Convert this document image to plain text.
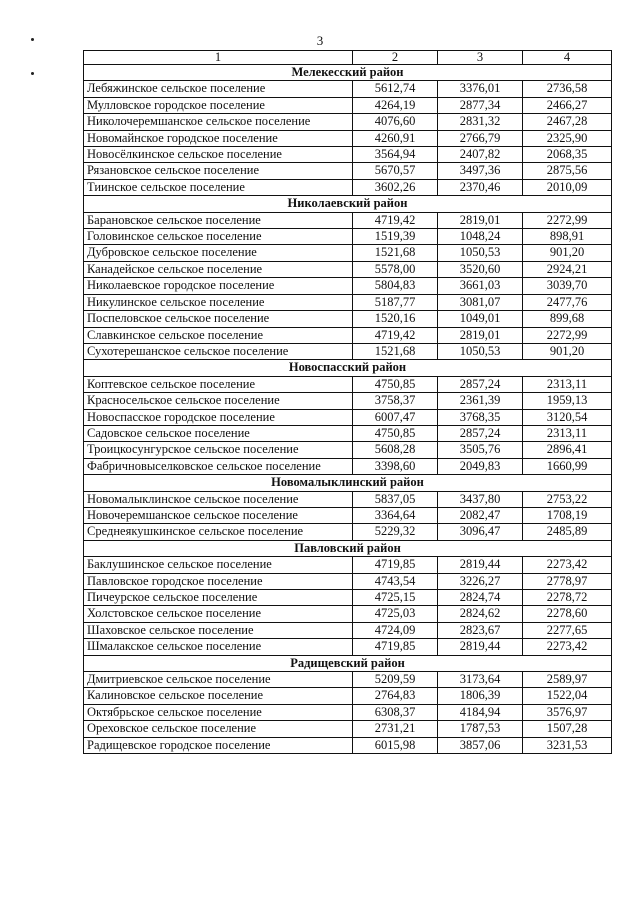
3
1	2	3	4
Мелекесский район			
Лебяжинское сельское поселение	5612,74	3376,01	2736,58
Мулловское городское поселение	4264,19	2877,34	2466,27
Николочеремшанское сельское поселение	4076,60	2831,32	2467,28
Новомайнское городское поселение	4260,91	2766,79	2325,90
Новосёлкинское сельское поселение	3564,94	2407,82	2068,35
Рязановское сельское поселение	5670,57	3497,36	2875,56
Тиинское сельское поселение	3602,26	2370,46	2010,09
Николаевский район			
Барановское сельское поселение	4719,42	2819,01	2272,99
Головинское сельское поселение	1519,39	1048,24	898,91
Дубровское сельское поселение	1521,68	1050,53	901,20
Канадейское сельское поселение	5578,00	3520,60	2924,21
Николаевское городское поселение	5804,83	3661,03	3039,70
Никулинское сельское поселение	5187,77	3081,07	2477,76
Поспеловское сельское поселение	1520,16	1049,01	899,68
Славкинское сельское поселение	4719,42	2819,01	2272,99
Сухотерешанское сельское поселение	1521,68	1050,53	901,20
Новоспасский район			
Коптевское сельское поселение	4750,85	2857,24	2313,11
Красносельское сельское поселение	3758,37	2361,39	1959,13
Новоспасское городское поселение	6007,47	3768,35	3120,54
Садовское сельское поселение	4750,85	2857,24	2313,11
Троицкосунгурское сельское поселение	5608,28	3505,76	2896,41
Фабричновыселковское сельское поселение	3398,60	2049,83	1660,99
Новомалыклинский район			
Новомалыклинское сельское поселение	5837,05	3437,80	2753,22
Новочеремшанское сельское поселение	3364,64	2082,47	1708,19
Среднеякушкинское сельское поселение	5229,32	3096,47	2485,89
Павловский район			
Баклушинское сельское поселение	4719,85	2819,44	2273,42
Павловское городское поселение	4743,54	3226,27	2778,97
Пичеурское сельское поселение	4725,15	2824,74	2278,72
Холстовское сельское поселение	4725,03	2824,62	2278,60
Шаховское сельское поселение	4724,09	2823,67	2277,65
Шмалакское сельское поселение	4719,85	2819,44	2273,42
Радищевский район			
Дмитриевское сельское поселение	5209,59	3173,64	2589,97
Калиновское сельское поселение	2764,83	1806,39	1522,04
Октябрьское сельское поселение	6308,37	4184,94	3576,97
Ореховское сельское поселение	2731,21	1787,53	1507,28
Радищевское городское поселение	6015,98	3857,06	3231,53
